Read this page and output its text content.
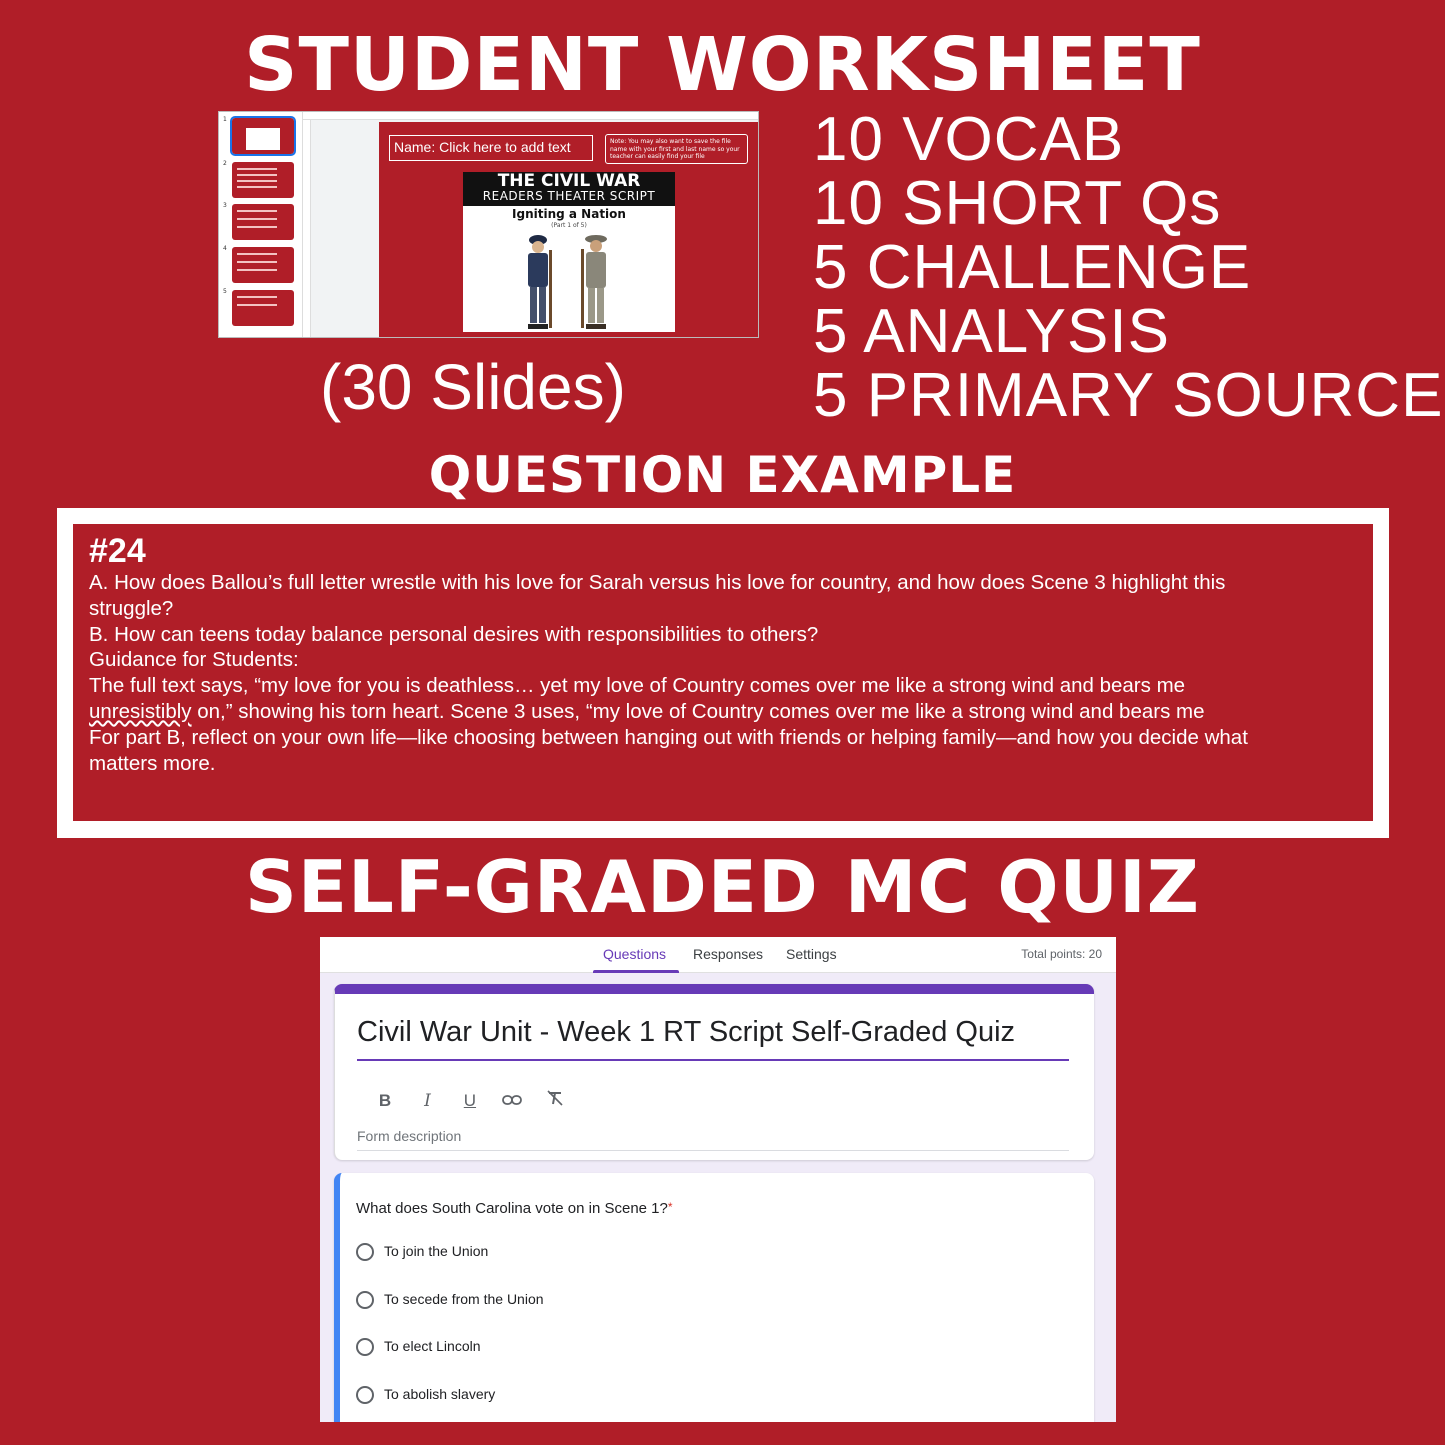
STUDENT WORKSHEET
1
2
3
4
5
Name: Click here to add text	Note: You may also want to save the file name with your first and last name so your teacher can easily find your file
THE CIVIL WAR
READERS THEATER SCRIPT
Igniting a Nation
(Part 1 of 5)
(30 Slides)
10 VOCAB
10 SHORT Qs
5 CHALLENGE
5 ANALYSIS
5 PRIMARY SOURCE
QUESTION EXAMPLE
#24
A. How does Ballou’s full letter wrestle with his love for Sarah versus his love for country, and how does Scene 3 highlight this
struggle?
B. How can teens today balance personal desires with responsibilities to others?
Guidance for Students:
The full text says, “my love for you is deathless… yet my love of Country comes over me like a strong wind and bears me
unresistibly on,” showing his torn heart. Scene 3 uses, “my love of Country comes over me like a strong wind and bears me
For part B, reflect on your own life—like choosing between hanging out with friends or helping family—and how you decide what
matters more.
SELF-GRADED MC QUIZ
Questions Responses Settings	Total points: 20
Civil War Unit - Week 1 RT Script Self-Graded Quiz
B I U
Form description
What does South Carolina vote on in Scene 1?*
To join the Union
To secede from the Union
To elect Lincoln
To abolish slavery
